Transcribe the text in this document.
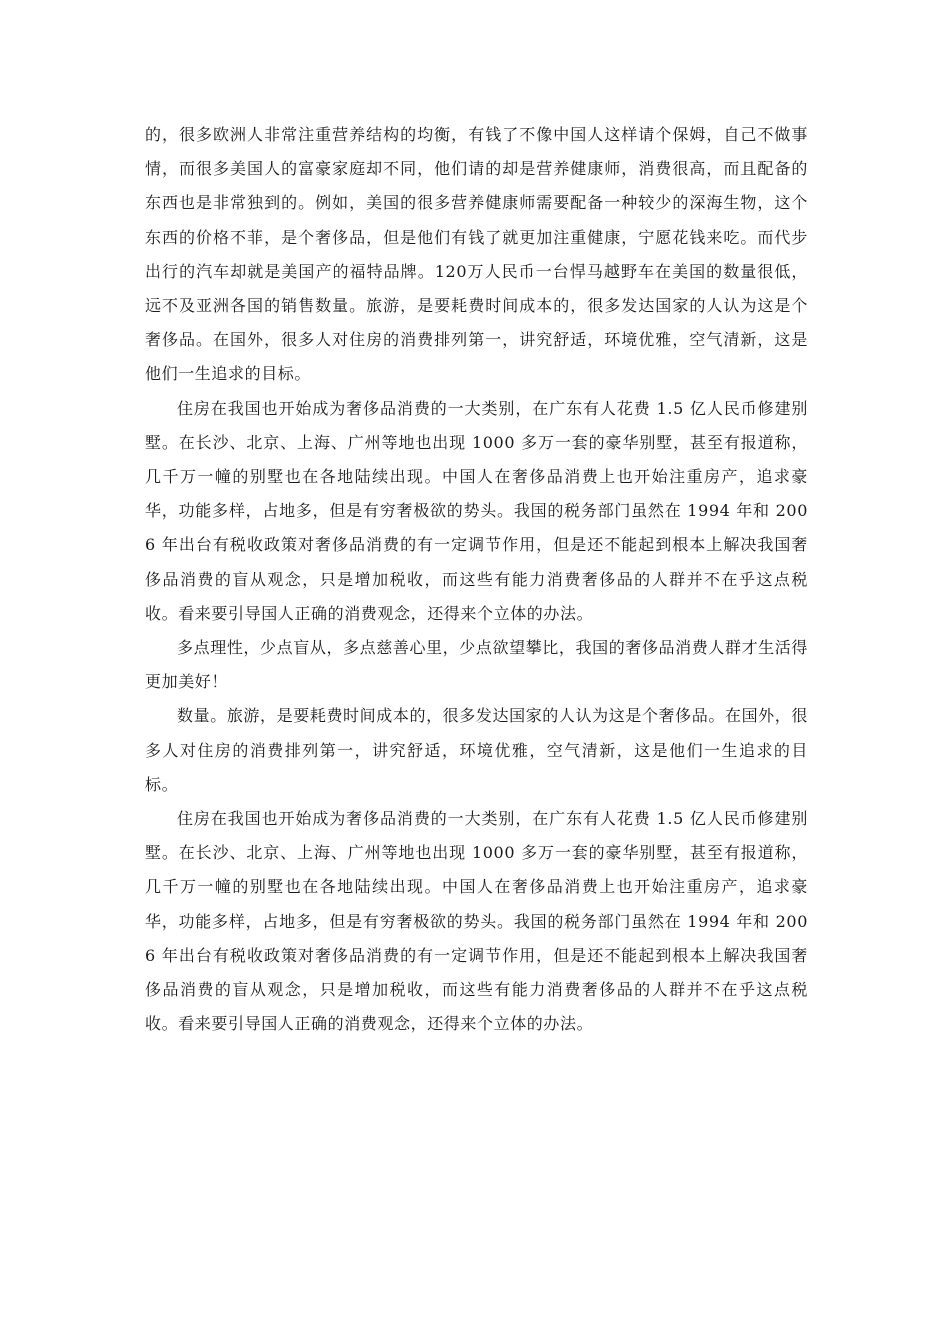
的，很多欧洲人非常注重营养结构的均衡，有钱了不像中国人这样请个保姆，自己不做事情，而很多美国人的富豪家庭却不同，他们请的却是营养健康师，消费很高，而且配备的东西也是非常独到的。例如，美国的很多营养健康师需要配备一种较少的深海生物，这个东西的价格不菲，是个奢侈品，但是他们有钱了就更加注重健康，宁愿花钱来吃。而代步出行的汽车却就是美国产的福特品牌。120万人民币一台悍马越野车在美国的数量很低，远不及亚洲各国的销售数量。旅游，是要耗费时间成本的，很多发达国家的人认为这是个奢侈品。在国外，很多人对住房的消费排列第一，讲究舒适，环境优雅，空气清新，这是他们一生追求的目标。

住房在我国也开始成为奢侈品消费的一大类别，在广东有人花费 1.5 亿人民币修建别墅。在长沙、北京、上海、广州等地也出现 1000 多万一套的豪华别墅，甚至有报道称，几千万一幢的别墅也在各地陆续出现。中国人在奢侈品消费上也开始注重房产，追求豪华，功能多样，占地多，但是有穷奢极欲的势头。我国的税务部门虽然在 1994 年和 2006 年出台有税收政策对奢侈品消费的有一定调节作用，但是还不能起到根本上解决我国奢侈品消费的盲从观念，只是增加税收，而这些有能力消费奢侈品的人群并不在乎这点税收。看来要引导国人正确的消费观念，还得来个立体的办法。

多点理性，少点盲从，多点慈善心里，少点欲望攀比，我国的奢侈品消费人群才生活得更加美好！

数量。旅游，是要耗费时间成本的，很多发达国家的人认为这是个奢侈品。在国外，很多人对住房的消费排列第一，讲究舒适，环境优雅，空气清新，这是他们一生追求的目标。

住房在我国也开始成为奢侈品消费的一大类别，在广东有人花费 1.5 亿人民币修建别墅。在长沙、北京、上海、广州等地也出现 1000 多万一套的豪华别墅，甚至有报道称，几千万一幢的别墅也在各地陆续出现。中国人在奢侈品消费上也开始注重房产，追求豪华，功能多样，占地多，但是有穷奢极欲的势头。我国的税务部门虽然在 1994 年和 2006 年出台有税收政策对奢侈品消费的有一定调节作用，但是还不能起到根本上解决我国奢侈品消费的盲从观念，只是增加税收，而这些有能力消费奢侈品的人群并不在乎这点税收。看来要引导国人正确的消费观念，还得来个立体的办法。
